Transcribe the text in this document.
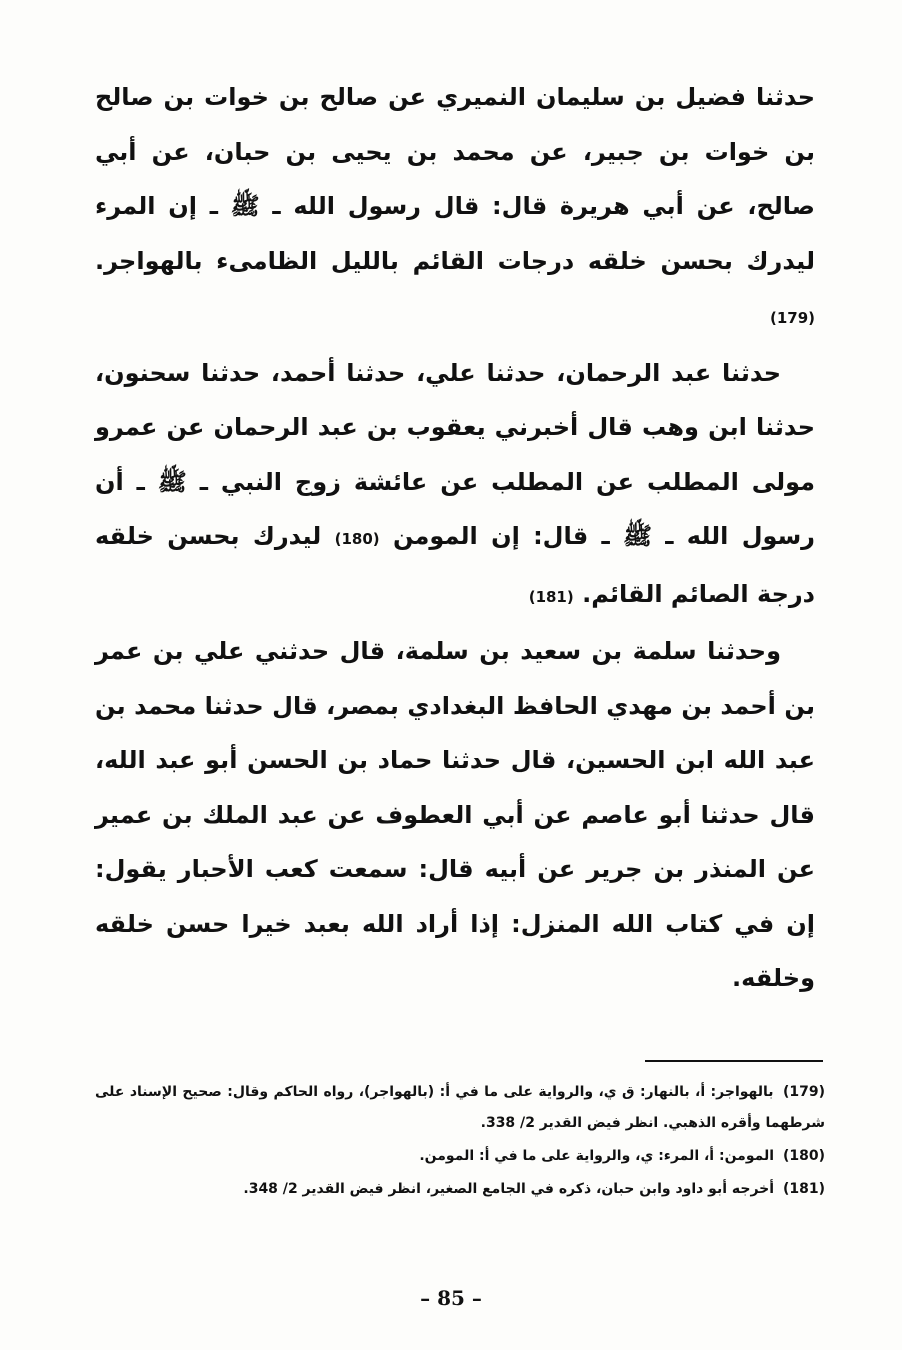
حدثنا فضيل بن سليمان النميري عن صالح بن خوات بن صالح بن خوات بن جبير، عن محمد بن يحيى بن حبان، عن أبي صالح، عن أبي هريرة قال: قال رسول الله ـ ﷺ ـ إن المرء ليدرك بحسن خلقه درجات القائم بالليل الظامىء بالهواجر. (179)

حدثنا عبد الرحمان، حدثنا علي، حدثنا أحمد، حدثنا سحنون، حدثنا ابن وهب قال أخبرني يعقوب بن عبد الرحمان عن عمرو مولى المطلب عن المطلب عن عائشة زوج النبي ـ ﷺ ـ أن رسول الله ـ ﷺ ـ قال: إن المومن (180) ليدرك بحسن خلقه درجة الصائم القائم. (181)

وحدثنا سلمة بن سعيد بن سلمة، قال حدثني علي بن عمر بن أحمد بن مهدي الحافظ البغدادي بمصر، قال حدثنا محمد بن عبد الله ابن الحسين، قال حدثنا حماد بن الحسن أبو عبد الله، قال حدثنا أبو عاصم عن أبي العطوف عن عبد الملك بن عمير عن المنذر بن جرير عن أبيه قال: سمعت كعب الأحبار يقول: إن في كتاب الله المنزل: إذا أراد الله بعبد خيرا حسن خلقه وخلقه.

(179) بالهواجر: أ، بالنهار: ق ي، والرواية على ما في أ: (بالهواجر)، رواه الحاكم وقال: صحيح الإسناد على شرطهما وأقره الذهبي. انظر فيض القدير 2/ 338.

(180) المومن: أ، المرء: ي، والرواية على ما في أ: المومن.

(181) أخرجه أبو داود وابن حبان، ذكره في الجامع الصغير، انظر فيض القدير 2/ 348.

– 85 –
